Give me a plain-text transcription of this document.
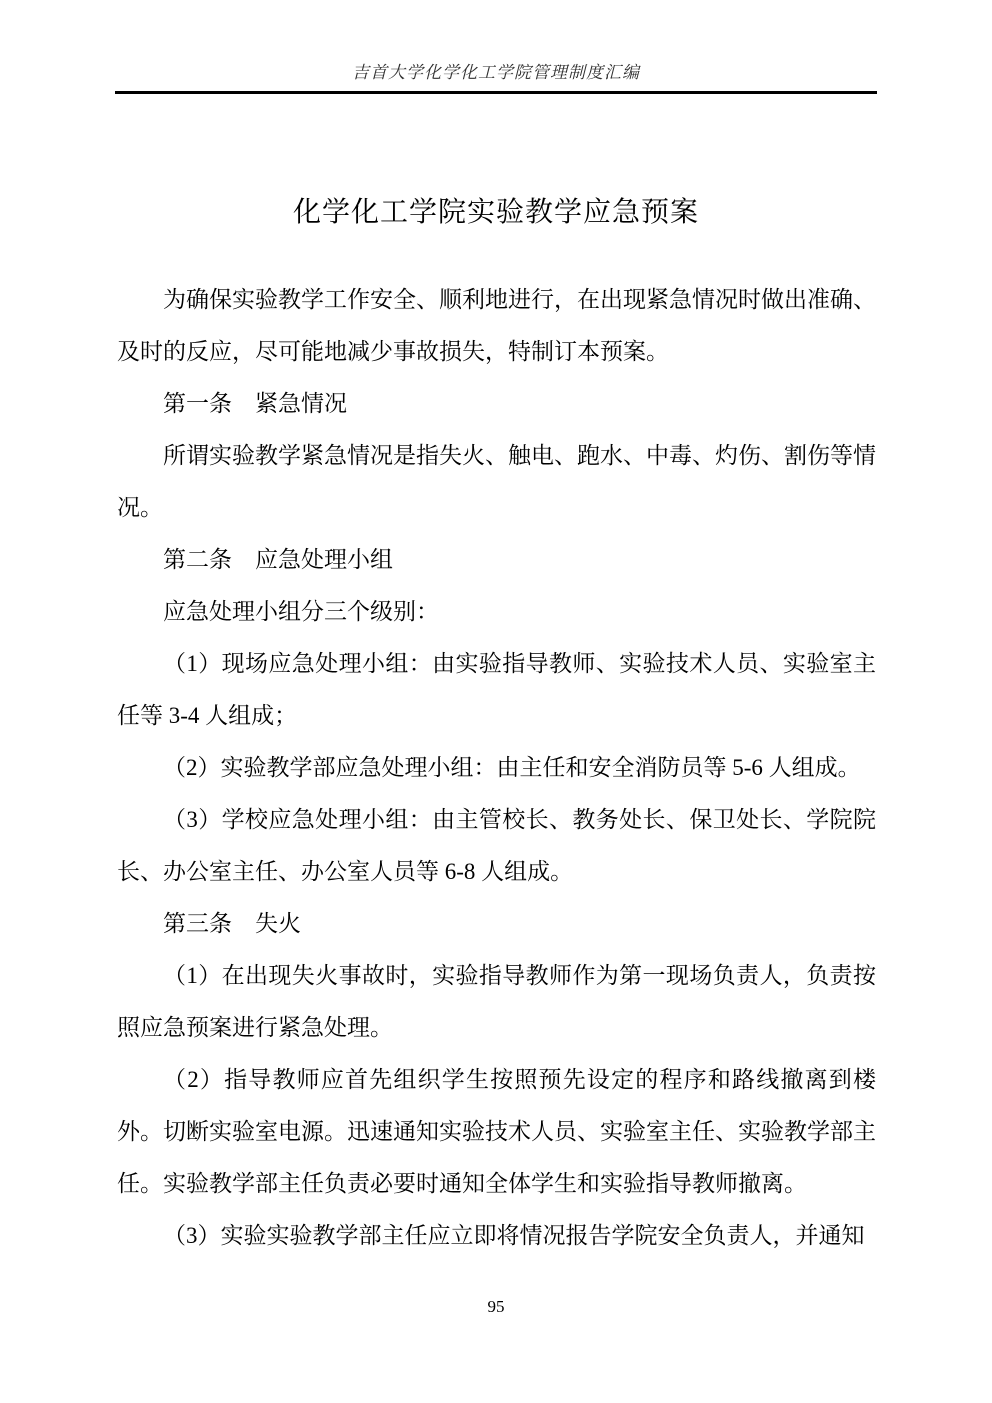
吉首大学化学化工学院管理制度汇编
化学化工学院实验教学应急预案

为确保实验教学工作安全、顺利地进行，在出现紧急情况时做出准确、及时的反应，尽可能地减少事故损失，特制订本预案。

第一条　紧急情况

所谓实验教学紧急情况是指失火、触电、跑水、中毒、灼伤、割伤等情况。

第二条　应急处理小组

应急处理小组分三个级别：

（1）现场应急处理小组：由实验指导教师、实验技术人员、实验室主任等 3-4 人组成；

（2）实验教学部应急处理小组：由主任和安全消防员等 5-6 人组成。

（3）学校应急处理小组：由主管校长、教务处长、保卫处长、学院院长、办公室主任、办公室人员等 6-8 人组成。

第三条　失火

（1）在出现失火事故时，实验指导教师作为第一现场负责人，负责按照应急预案进行紧急处理。

（2）指导教师应首先组织学生按照预先设定的程序和路线撤离到楼外。切断实验室电源。迅速通知实验技术人员、实验室主任、实验教学部主任。实验教学部主任负责必要时通知全体学生和实验指导教师撤离。

（3）实验实验教学部主任应立即将情况报告学院安全负责人，并通知

95
